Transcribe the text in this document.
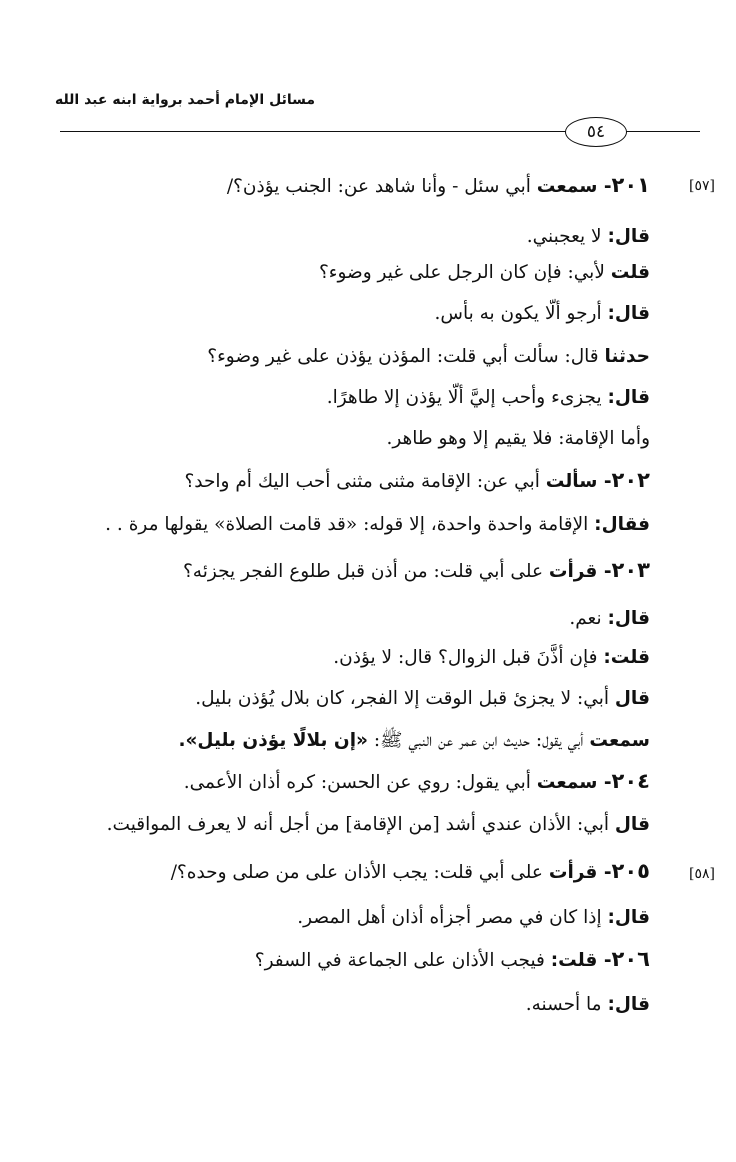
مسائل الإمام أحمد برواية ابنه عبد الله
٥٤
[٥٧]
[٥٨]
٢٠١- سمعت أبي سئل - وأنا شاهد عن: الجنب يؤذن؟/
قال: لا يعجبني.
قلت لأبي: فإن كان الرجل على غير وضوء؟
قال: أرجو ألّا يكون به بأس.
حدثنا قال: سألت أبي قلت: المؤذن يؤذن على غير وضوء؟
قال: يجزىء وأحب إليَّ ألّا يؤذن إلا طاهرًا.
وأما الإقامة: فلا يقيم إلا وهو طاهر.
٢٠٢- سألت أبي عن: الإقامة مثنى مثنى أحب اليك أم واحد؟
فقال: الإقامة واحدة واحدة، إلا قوله: «قد قامت الصلاة» يقولها مرة . .
٢٠٣- قرأت على أبي قلت: من أذن قبل طلوع الفجر يجزئه؟
قال: نعم.
قلت: فإن أذَّنَ قبل الزوال؟ قال: لا يؤذن.
قال أبي: لا يجزئ قبل الوقت إلا الفجر، كان بلال يُؤذن بليل.
سمعت أبي يقول: حديث ابن عمر عن النبي ﷺ: «إن بلالًا يؤذن بليل».
٢٠٤- سمعت أبي يقول: روي عن الحسن: كره أذان الأعمى.
قال أبي: الأذان عندي أشد [من الإقامة] من أجل أنه لا يعرف المواقيت.
٢٠٥- قرأت على أبي قلت: يجب الأذان على من صلى وحده؟/
قال: إذا كان في مصر أجزأه أذان أهل المصر.
٢٠٦- قلت: فيجب الأذان على الجماعة في السفر؟
قال: ما أحسنه.
